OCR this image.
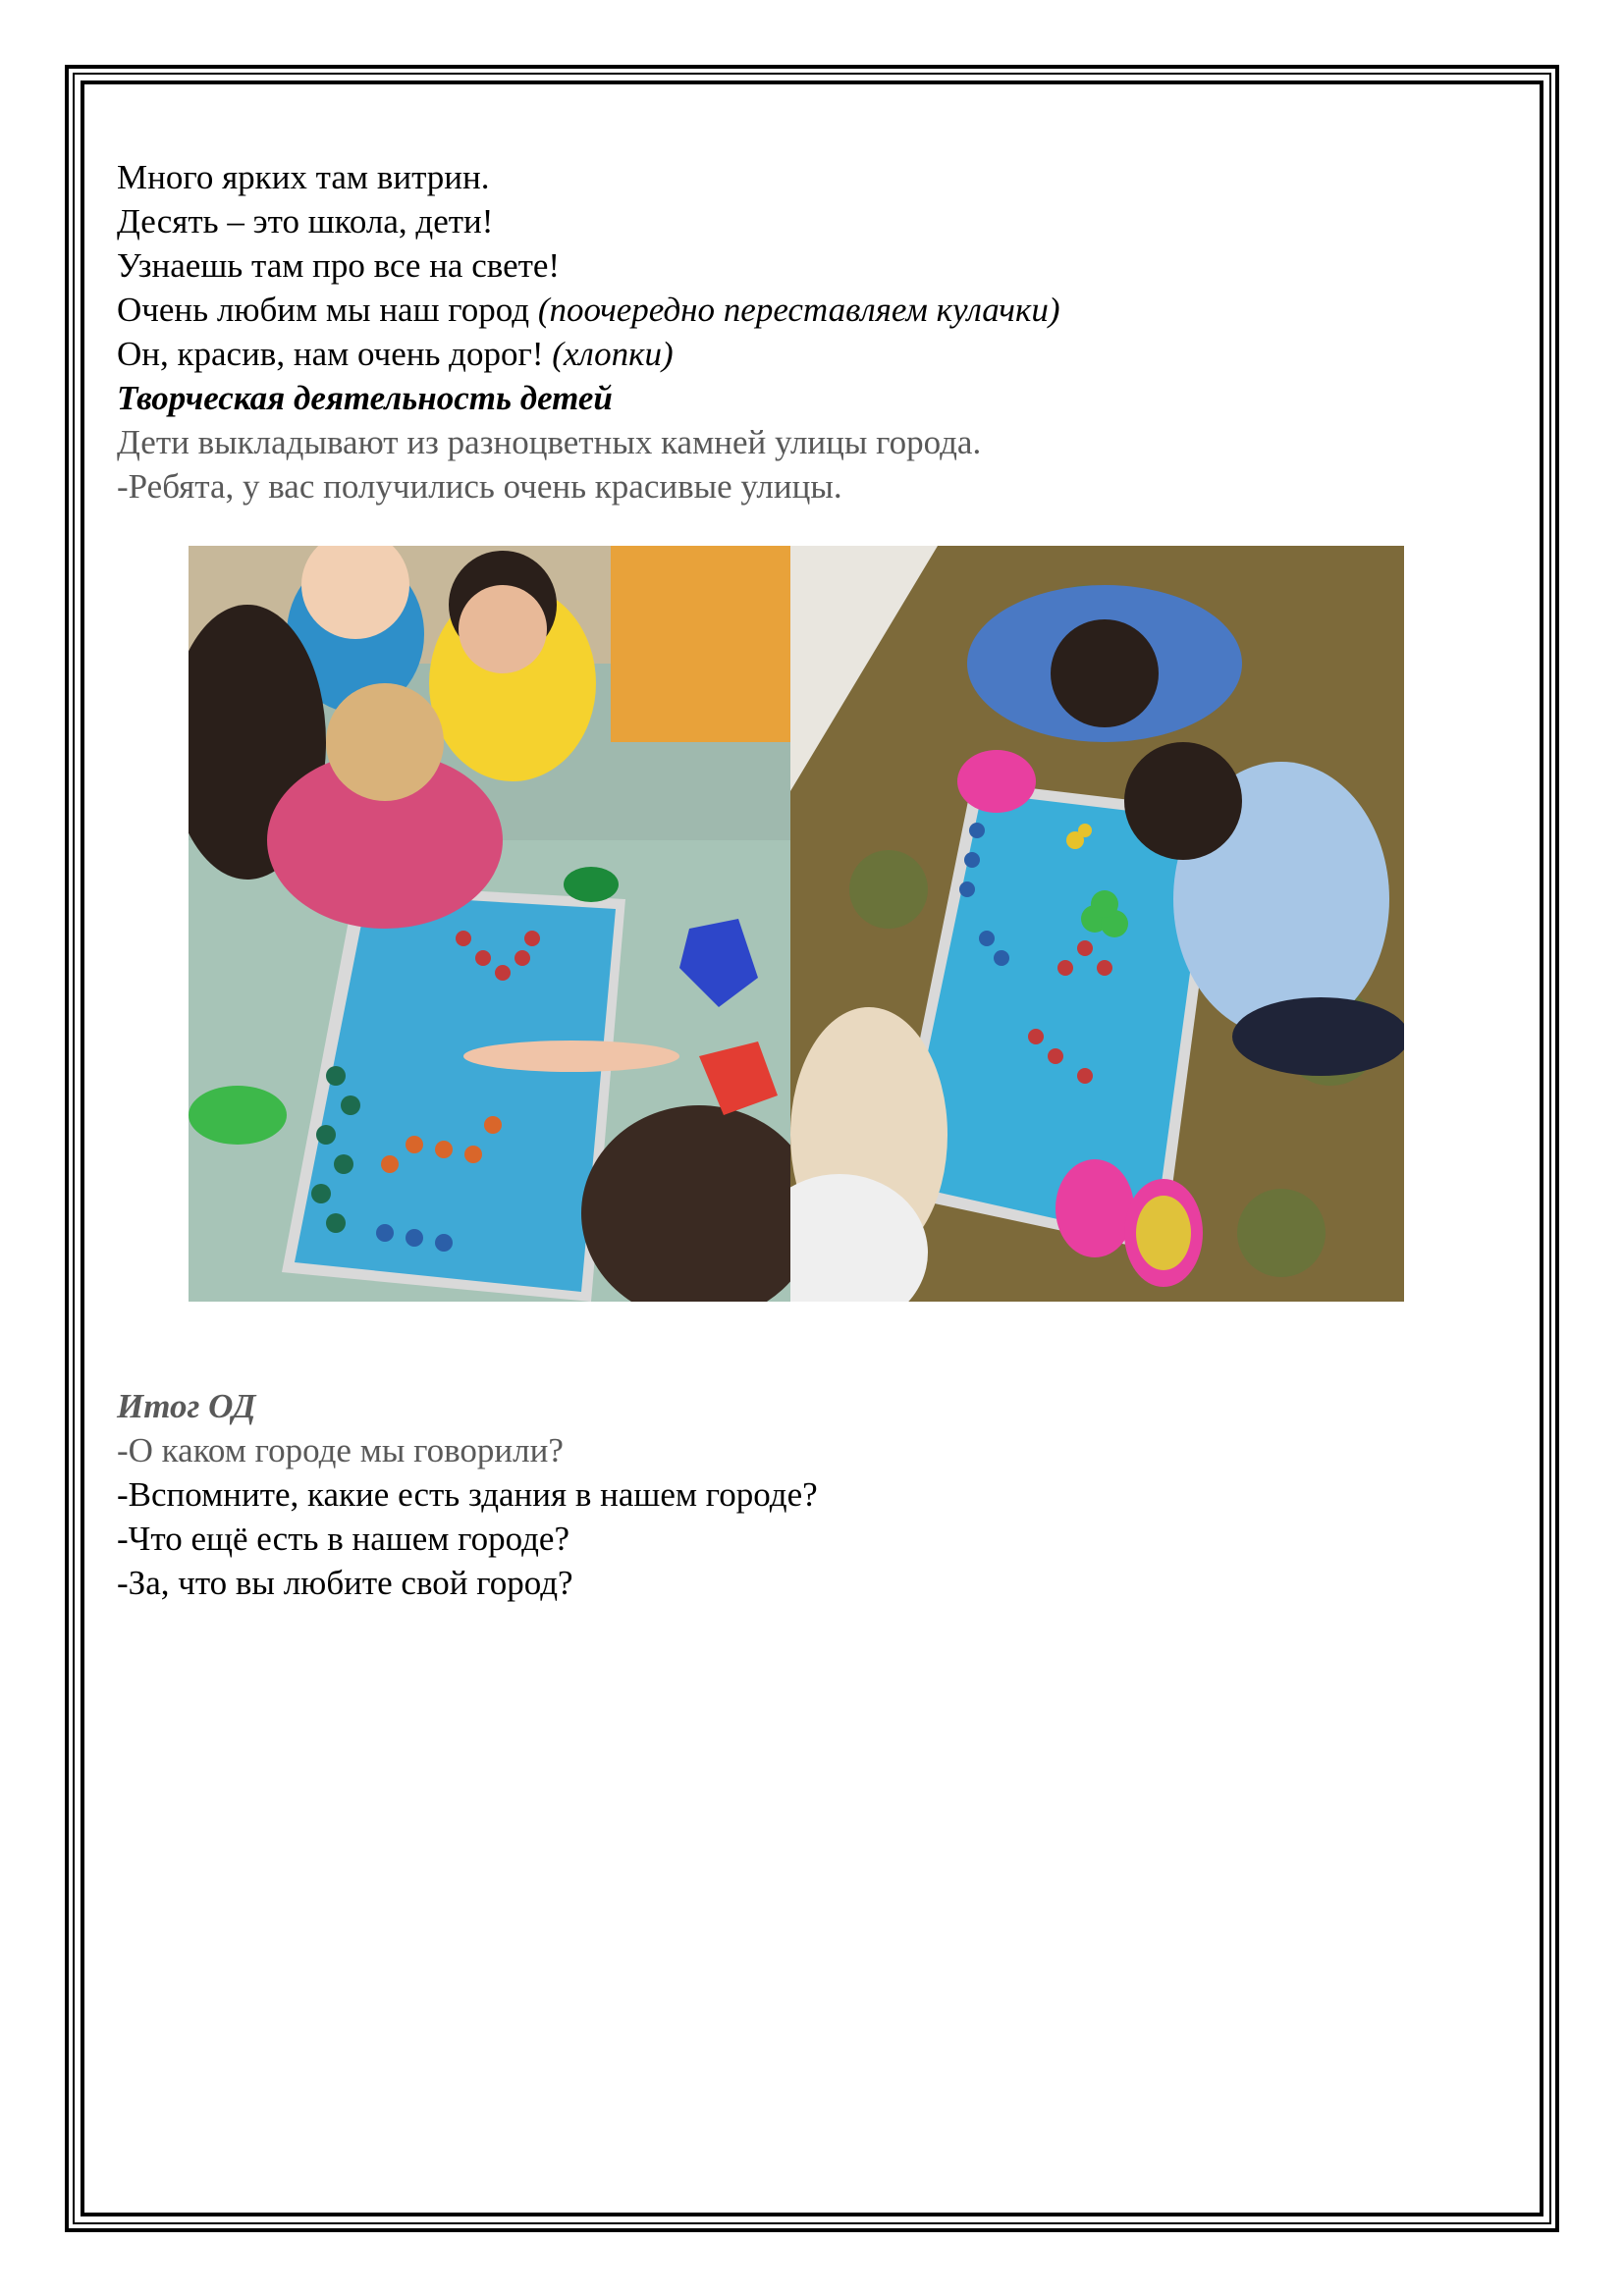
Много ярких там витрин.
Десять – это школа, дети!
Узнаешь там про все на свете!
Очень любим мы наш город (поочередно переставляем кулачки)
Он, красив, нам очень дорог! (хлопки)
Творческая деятельность детей
Дети выкладывают из разноцветных камней улицы города.
-Ребята, у вас получились очень красивые улицы.
Итог ОД
-О каком городе мы говорили?
-Вспомните, какие есть здания в нашем городе?
-Что ещё есть в нашем городе?
-За, что вы любите свой город?
